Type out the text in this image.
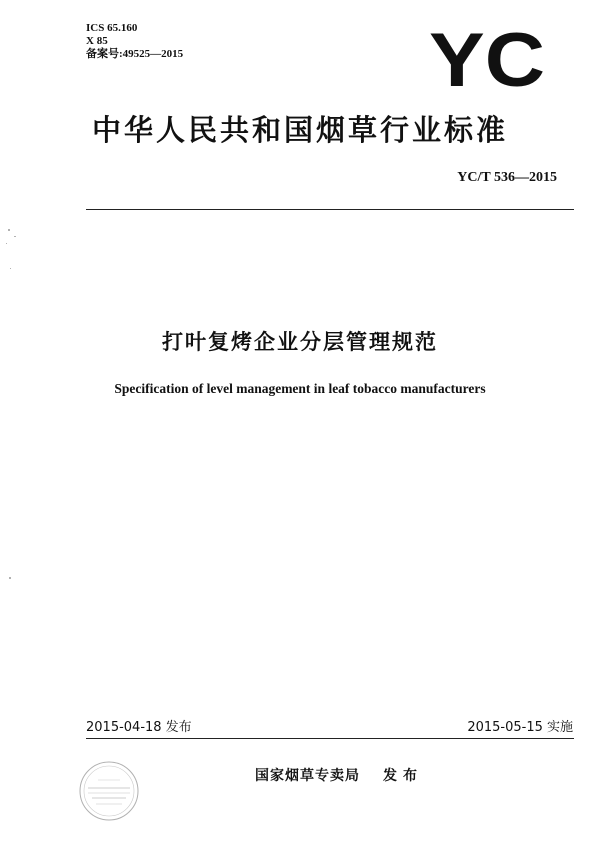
ICS 65.160
X 85
备案号:49525—2015	YC
中华人民共和国烟草行业标准
YC/T 536—2015
打叶复烤企业分层管理规范
Specification of level management in leaf tobacco manufacturers
2015-04-18 发布	2015-05-15 实施
国家烟草专卖局 发布
